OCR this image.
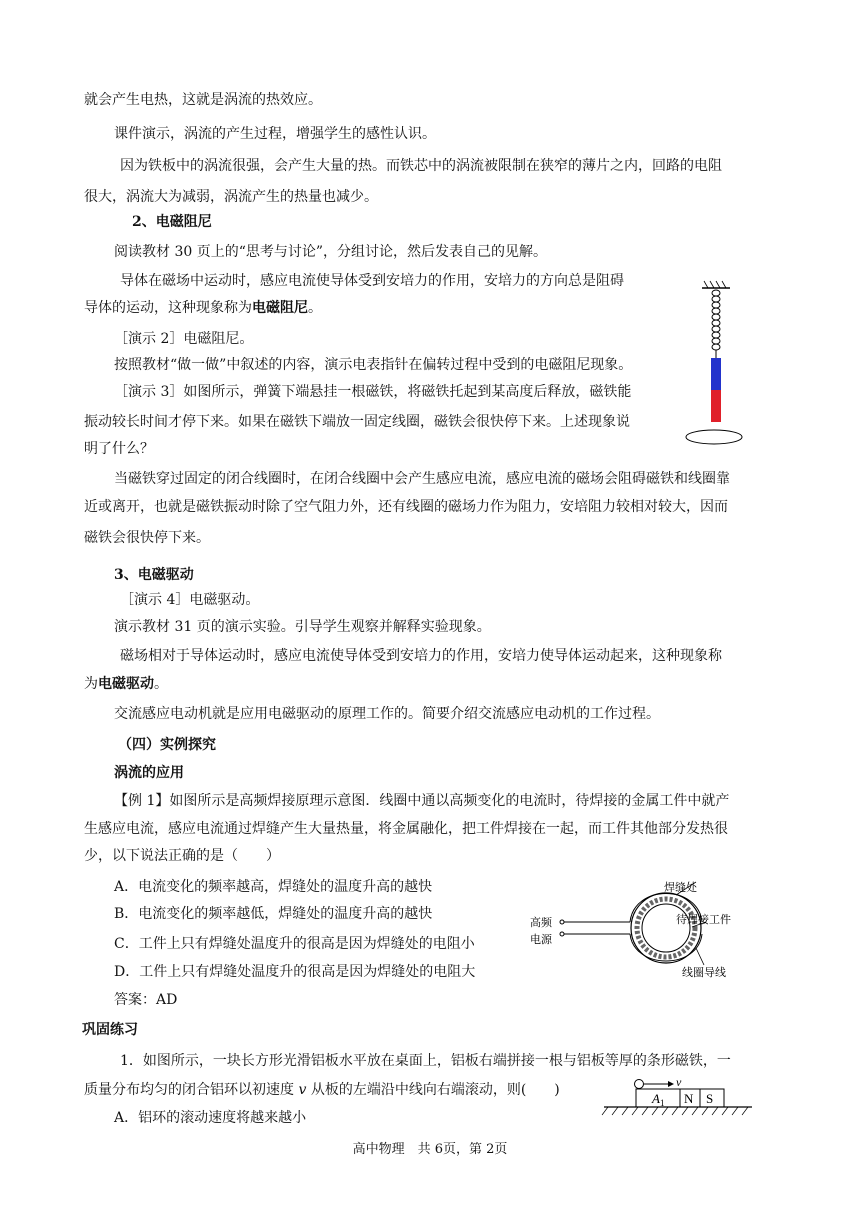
就会产生电热，这就是涡流的热效应。
课件演示，涡流的产生过程，增强学生的感性认识。
因为铁板中的涡流很强，会产生大量的热。而铁芯中的涡流被限制在狭窄的薄片之内，回路的电阻
很大，涡流大为减弱，涡流产生的热量也减少。
2、电磁阻尼
阅读教材 30 页上的“思考与讨论”，分组讨论，然后发表自己的见解。
导体在磁场中运动时，感应电流使导体受到安培力的作用，安培力的方向总是阻碍
导体的运动，这种现象称为电磁阻尼。
［演示 2］电磁阻尼。
按照教材“做一做”中叙述的内容，演示电表指针在偏转过程中受到的电磁阻尼现象。
［演示 3］如图所示，弹簧下端悬挂一根磁铁，将磁铁托起到某高度后释放，磁铁能
振动较长时间才停下来。如果在磁铁下端放一固定线圈，磁铁会很快停下来。上述现象说
明了什么？
当磁铁穿过固定的闭合线圈时，在闭合线圈中会产生感应电流，感应电流的磁场会阻碍磁铁和线圈靠
近或离开，也就是磁铁振动时除了空气阻力外，还有线圈的磁场力作为阻力，安培阻力较相对较大，因而
磁铁会很快停下来。
3、电磁驱动
［演示 4］电磁驱动。
演示教材 31 页的演示实验。引导学生观察并解释实验现象。
磁场相对于导体运动时，感应电流使导体受到安培力的作用，安培力使导体运动起来，这种现象称
为电磁驱动。
交流感应电动机就是应用电磁驱动的原理工作的。简要介绍交流感应电动机的工作过程。
（四）实例探究
涡流的应用
【例 1】如图所示是高频焊接原理示意图．线圈中通以高频变化的电流时，待焊接的金属工件中就产
生感应电流，感应电流通过焊缝产生大量热量，将金属融化，把工件焊接在一起，而工件其他部分发热很
少，以下说法正确的是（　　）
A．电流变化的频率越高，焊缝处的温度升高的越快
B．电流变化的频率越低，焊缝处的温度升高的越快
C．工件上只有焊缝处温度升的很高是因为焊缝处的电阻小
D．工件上只有焊缝处温度升的很高是因为焊缝处的电阻大
答案：AD
巩固练习
1．如图所示，一块长方形光滑铝板水平放在桌面上，铝板右端拼接一根与铝板等厚的条形磁铁，一
质量分布均匀的闭合铝环以初速度 v 从板的左端沿中线向右端滚动，则(　　)
A．铝环的滚动速度将越来越小
焊缝处
待焊接工件
高频
电源
线圈导线
v
$A_1$ N S
高中物理　共 6页，第 2页
